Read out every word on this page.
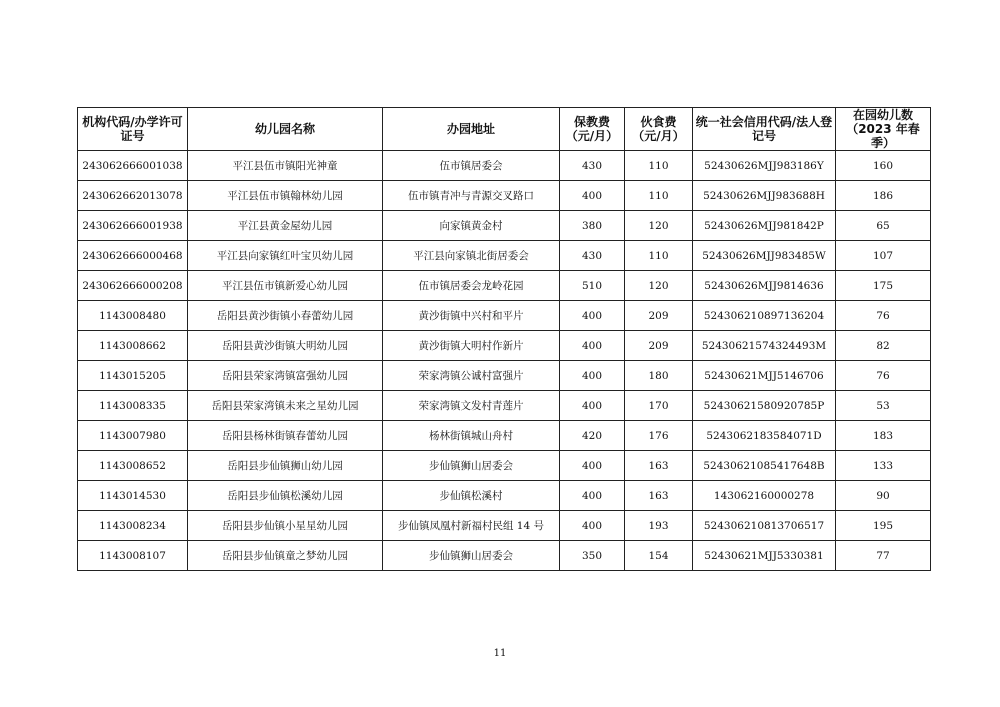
机构代码/办学许可证号	幼儿园名称	办园地址	保教费（元/月）	伙食费（元/月）	统一社会信用代码/法人登记号	在园幼儿数（2023 年春季）
243062666001038	平江县伍市镇阳光神童	伍市镇居委会	430	110	52430626MJJ983186Y	160
243062662013078	平江县伍市镇翰林幼儿园	伍市镇青冲与青源交叉路口	400	110	52430626MJJ983688H	186
243062666001938	平江县黄金屋幼儿园	向家镇黄金村	380	120	52430626MJJ981842P	65
243062666000468	平江县向家镇红叶宝贝幼儿园	平江县向家镇北街居委会	430	110	52430626MJJ983485W	107
243062666000208	平江县伍市镇新爱心幼儿园	伍市镇居委会龙岭花园	510	120	52430626MJJ9814636	175
1143008480	岳阳县黄沙街镇小春蕾幼儿园	黄沙街镇中兴村和平片	400	209	524306210897136204	76
1143008662	岳阳县黄沙街镇大明幼儿园	黄沙街镇大明村作新片	400	209	52430621574324493M	82
1143015205	岳阳县荣家湾镇富强幼儿园	荣家湾镇公诚村富强片	400	180	52430621MJJ5146706	76
1143008335	岳阳县荣家湾镇未来之星幼儿园	荣家湾镇文发村青莲片	400	170	52430621580920785P	53
1143007980	岳阳县杨林街镇春蕾幼儿园	杨林街镇城山舟村	420	176	5243062183584071D	183
1143008652	岳阳县步仙镇狮山幼儿园	步仙镇狮山居委会	400	163	52430621085417648B	133
1143014530	岳阳县步仙镇松溪幼儿园	步仙镇松溪村	400	163	143062160000278	90
1143008234	岳阳县步仙镇小星星幼儿园	步仙镇凤凰村新福村民组 14 号	400	193	524306210813706517	195
1143008107	岳阳县步仙镇童之梦幼儿园	步仙镇狮山居委会	350	154	52430621MJJ5330381	77
11
